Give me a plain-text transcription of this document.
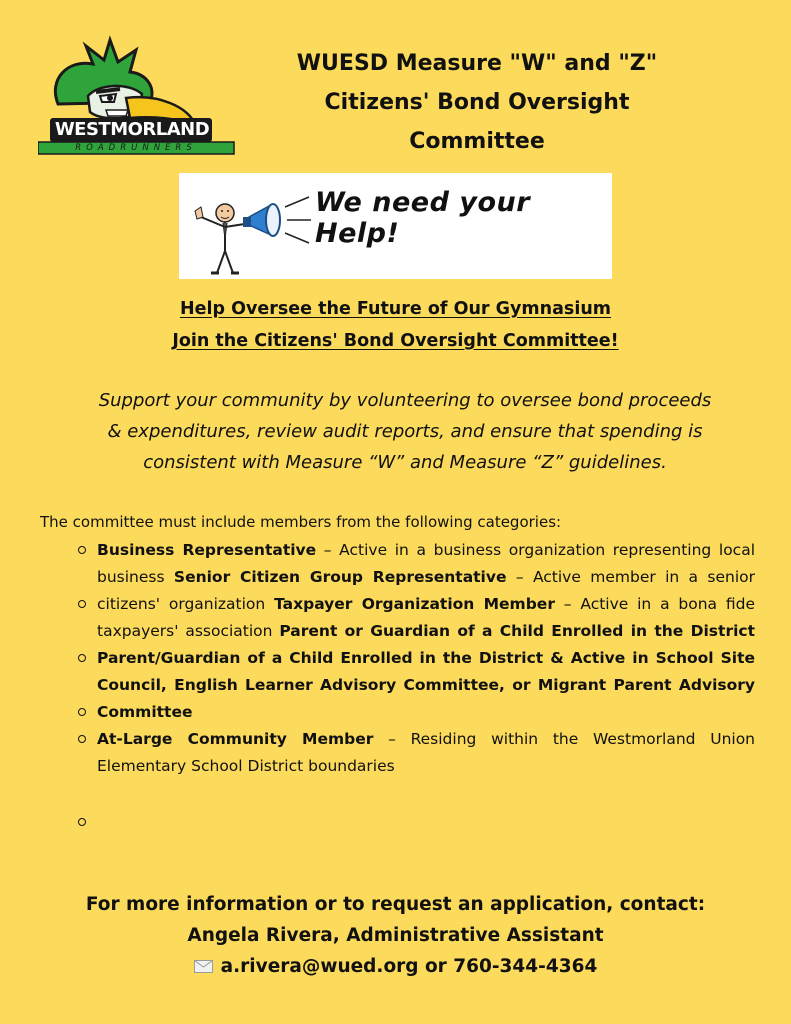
WESTMORLAND
ROADRUNNERS
WUESD Measure "W" and "Z"
Citizens' Bond Oversight
Committee
We need your Help!
Help Oversee the Future of Our Gymnasium
Join the Citizens' Bond Oversight Committee!
Support your community by volunteering to oversee bond proceeds
& expenditures, review audit reports, and ensure that spending is
consistent with Measure “W” and Measure “Z” guidelines.
The committee must include members from the following categories:
Business Representative – Active in a business organization representing local business Senior Citizen Group Representative – Active member in a senior citizens' organization Taxpayer Organization Member – Active in a bona fide taxpayers' association Parent or Guardian of a Child Enrolled in the District Parent/Guardian of a Child Enrolled in the District & Active in School Site Council, English Learner Advisory Committee, or Migrant Parent Advisory Committee
At-Large Community Member – Residing within the Westmorland Union Elementary School District boundaries
For more information or to request an application, contact:
Angela Rivera, Administrative Assistant
a.rivera@wued.org or 760-344-4364
